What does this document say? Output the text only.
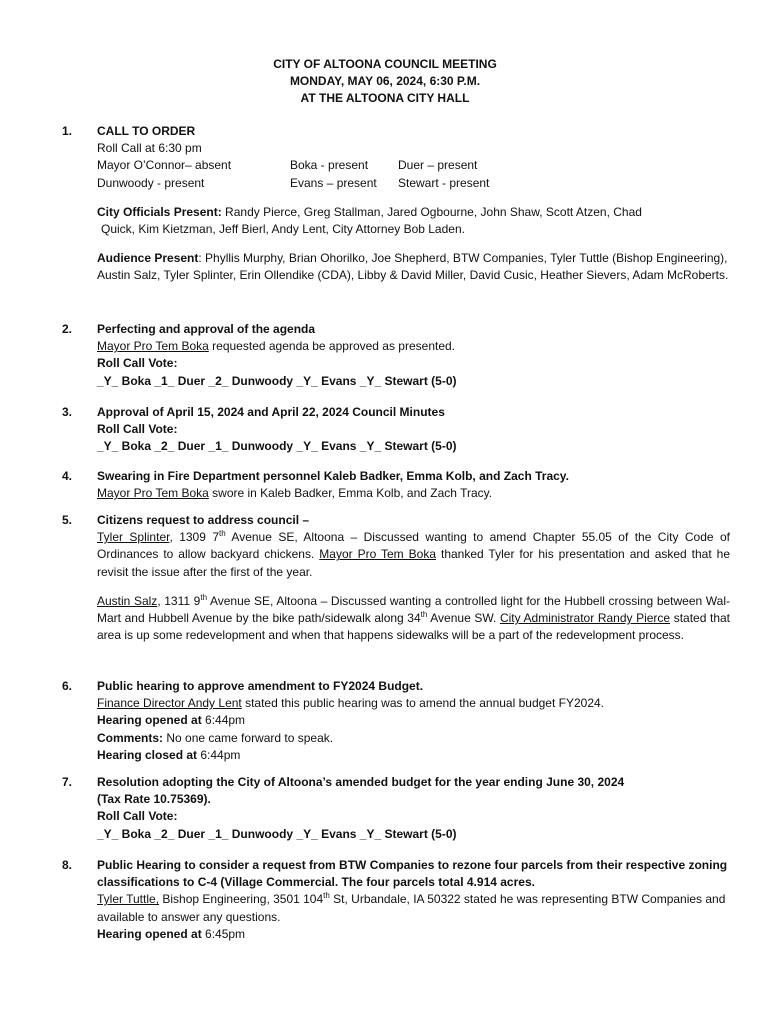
CITY OF ALTOONA COUNCIL MEETING
MONDAY, MAY 06, 2024, 6:30 P.M.
AT THE ALTOONA CITY HALL
1.	CALL TO ORDER
Roll Call at 6:30 pm
Mayor O’Connor– absent	Boka - present	Duer – present
Dunwoody - present	Evans – present	Stewart - present
City Officials Present: Randy Pierce, Greg Stallman, Jared Ogbourne, John Shaw, Scott Atzen, Chad
Quick, Kim Kietzman, Jeff Bierl, Andy Lent, City Attorney Bob Laden.
Audience Present: Phyllis Murphy, Brian Ohorilko, Joe Shepherd, BTW Companies, Tyler Tuttle (Bishop Engineering), Austin Salz, Tyler Splinter, Erin Ollendike (CDA), Libby & David Miller, David Cusic, Heather Sievers, Adam McRoberts.
2.	Perfecting and approval of the agenda
Mayor Pro Tem Boka requested agenda be approved as presented.
Roll Call Vote:
_Y_ Boka _1_ Duer _2_ Dunwoody _Y_ Evans _Y_ Stewart (5-0)
3.	Approval of April 15, 2024 and April 22, 2024 Council Minutes
Roll Call Vote:
_Y_ Boka _2_ Duer _1_ Dunwoody _Y_ Evans _Y_ Stewart (5-0)
4.	Swearing in Fire Department personnel Kaleb Badker, Emma Kolb, and Zach Tracy.
Mayor Pro Tem Boka swore in Kaleb Badker, Emma Kolb, and Zach Tracy.
5.	Citizens request to address council –
Tyler Splinter, 1309 7th Avenue SE, Altoona – Discussed wanting to amend Chapter 55.05 of the City Code of Ordinances to allow backyard chickens. Mayor Pro Tem Boka thanked Tyler for his presentation and asked that he revisit the issue after the first of the year.
Austin Salz, 1311 9th Avenue SE, Altoona – Discussed wanting a controlled light for the Hubbell crossing between Wal-Mart and Hubbell Avenue by the bike path/sidewalk along 34th Avenue SW. City Administrator Randy Pierce stated that area is up some redevelopment and when that happens sidewalks will be a part of the redevelopment process.
6.	Public hearing to approve amendment to FY2024 Budget.
Finance Director Andy Lent stated this public hearing was to amend the annual budget FY2024.
Hearing opened at 6:44pm
Comments: No one came forward to speak.
Hearing closed at 6:44pm
7.	Resolution adopting the City of Altoona’s amended budget for the year ending June 30, 2024
(Tax Rate 10.75369).
Roll Call Vote:
_Y_ Boka _2_ Duer _1_ Dunwoody _Y_ Evans _Y_ Stewart (5-0)
8.	Public Hearing to consider a request from BTW Companies to rezone four parcels from their respective zoning classifications to C-4 (Village Commercial. The four parcels total 4.914 acres.
Tyler Tuttle, Bishop Engineering, 3501 104th St, Urbandale, IA 50322 stated he was representing BTW Companies and available to answer any questions.
Hearing opened at 6:45pm
